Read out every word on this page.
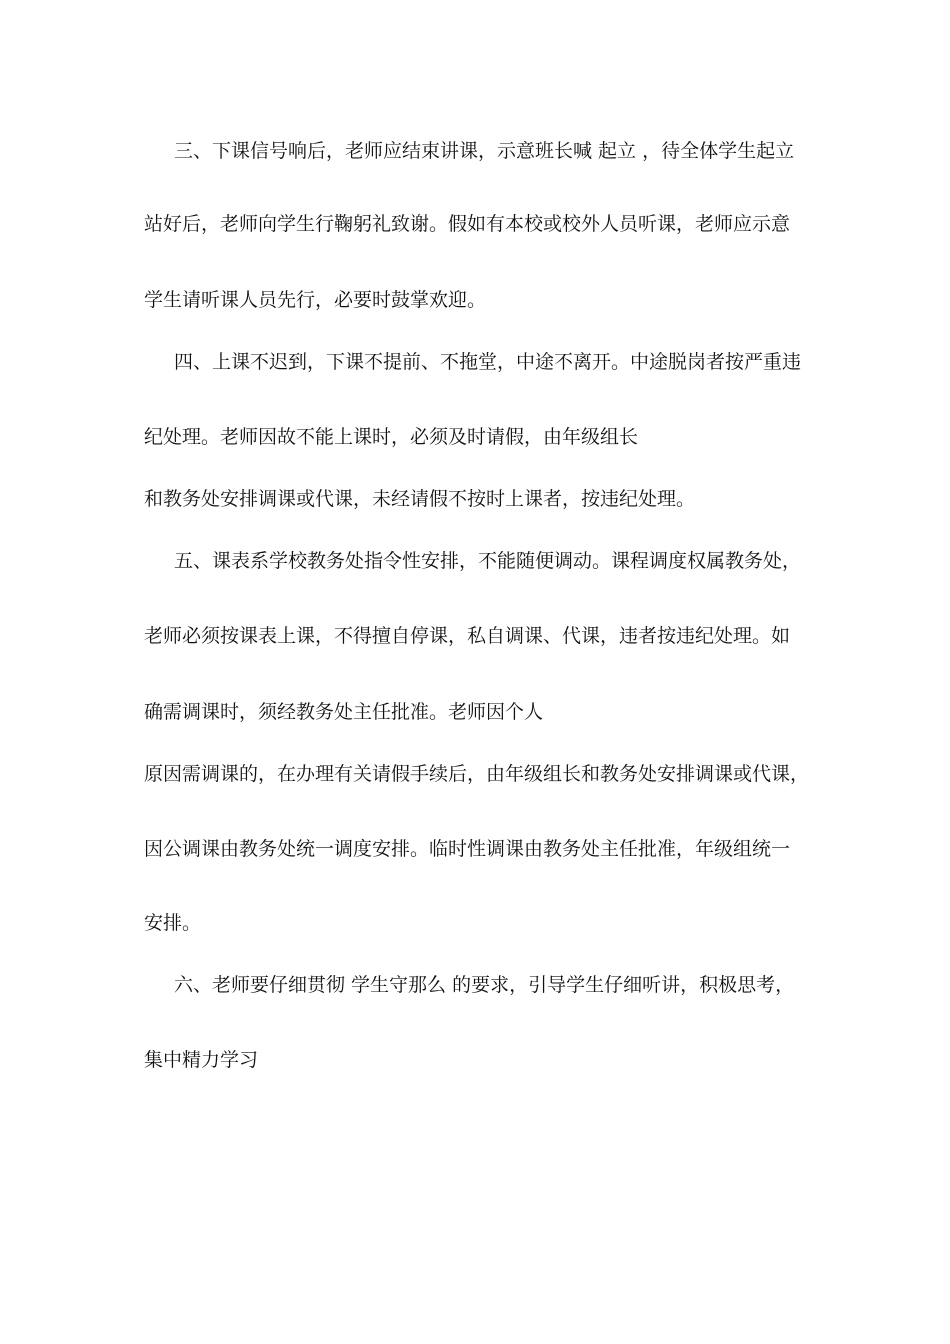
三、下课信号响后，老师应结束讲课，示意班长喊 起立 ，待全体学生起立
站好后，老师向学生行鞠躬礼致谢。假如有本校或校外人员听课，老师应示意
学生请听课人员先行，必要时鼓掌欢迎。
四、上课不迟到，下课不提前、不拖堂，中途不离开。中途脱岗者按严重违
纪处理。老师因故不能上课时，必须及时请假，由年级组长
和教务处安排调课或代课，未经请假不按时上课者，按违纪处理。
五、课表系学校教务处指令性安排，不能随便调动。课程调度权属教务处，
老师必须按课表上课，不得擅自停课，私自调课、代课，违者按违纪处理。如
确需调课时，须经教务处主任批准。老师因个人
原因需调课的，在办理有关请假手续后，由年级组长和教务处安排调课或代课，
因公调课由教务处统一调度安排。临时性调课由教务处主任批准，年级组统一
安排。
六、老师要仔细贯彻 学生守那么 的要求，引导学生仔细听讲，积极思考，
集中精力学习
